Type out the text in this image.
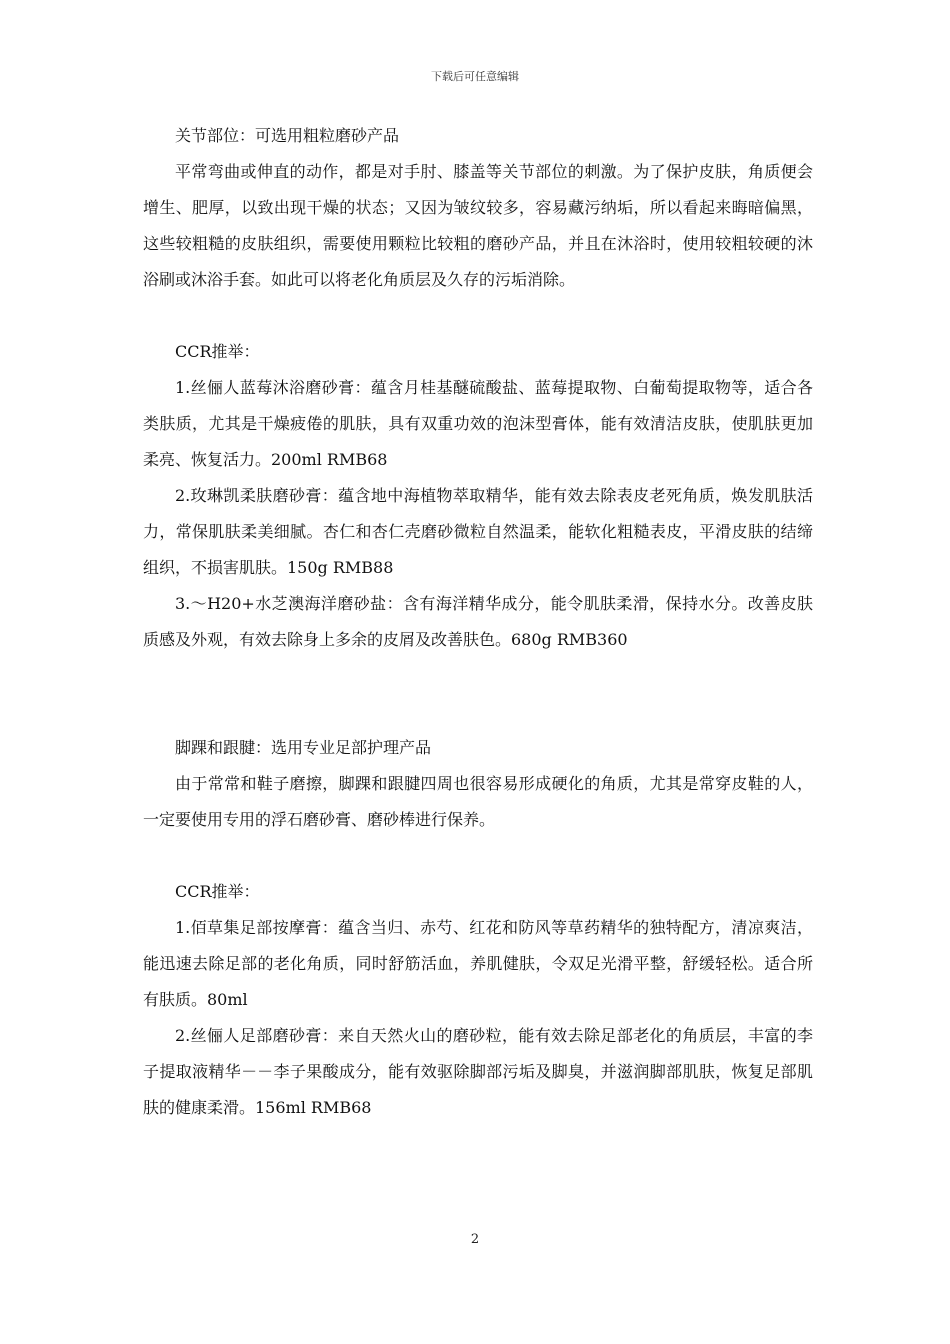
下载后可任意编辑

关节部位：可选用粗粒磨砂产品

平常弯曲或伸直的动作，都是对手肘、膝盖等关节部位的刺激。为了保护皮肤，角质便会增生、肥厚，以致出现干燥的状态；又因为皱纹较多，容易藏污纳垢，所以看起来晦暗偏黑，这些较粗糙的皮肤组织，需要使用颗粒比较粗的磨砂产品，并且在沐浴时，使用较粗较硬的沐浴刷或沐浴手套。如此可以将老化角质层及久存的污垢消除。

CCR推举：

1.丝俪人蓝莓沐浴磨砂膏：蕴含月桂基醚硫酸盐、蓝莓提取物、白葡萄提取物等，适合各类肤质，尤其是干燥疲倦的肌肤，具有双重功效的泡沫型膏体，能有效清洁皮肤，使肌肤更加柔亮、恢复活力。200ml RMB68

2.玫琳凯柔肤磨砂膏：蕴含地中海植物萃取精华，能有效去除表皮老死角质，焕发肌肤活力，常保肌肤柔美细腻。杏仁和杏仁壳磨砂微粒自然温柔，能软化粗糙表皮，平滑皮肤的结缔组织，不损害肌肤。150g RMB88

3.～H20+水芝澳海洋磨砂盐：含有海洋精华成分，能令肌肤柔滑，保持水分。改善皮肤质感及外观，有效去除身上多余的皮屑及改善肤色。680g RMB360

脚踝和跟腱：选用专业足部护理产品

由于常常和鞋子磨擦，脚踝和跟腱四周也很容易形成硬化的角质，尤其是常穿皮鞋的人，一定要使用专用的浮石磨砂膏、磨砂棒进行保养。

CCR推举：

1.佰草集足部按摩膏：蕴含当归、赤芍、红花和防风等草药精华的独特配方，清凉爽洁，能迅速去除足部的老化角质，同时舒筋活血，养肌健肤，令双足光滑平整，舒缓轻松。适合所有肤质。80ml

2.丝俪人足部磨砂膏：来自天然火山的磨砂粒，能有效去除足部老化的角质层，丰富的李子提取液精华－－李子果酸成分，能有效驱除脚部污垢及脚臭，并滋润脚部肌肤，恢复足部肌肤的健康柔滑。156ml RMB68

2
